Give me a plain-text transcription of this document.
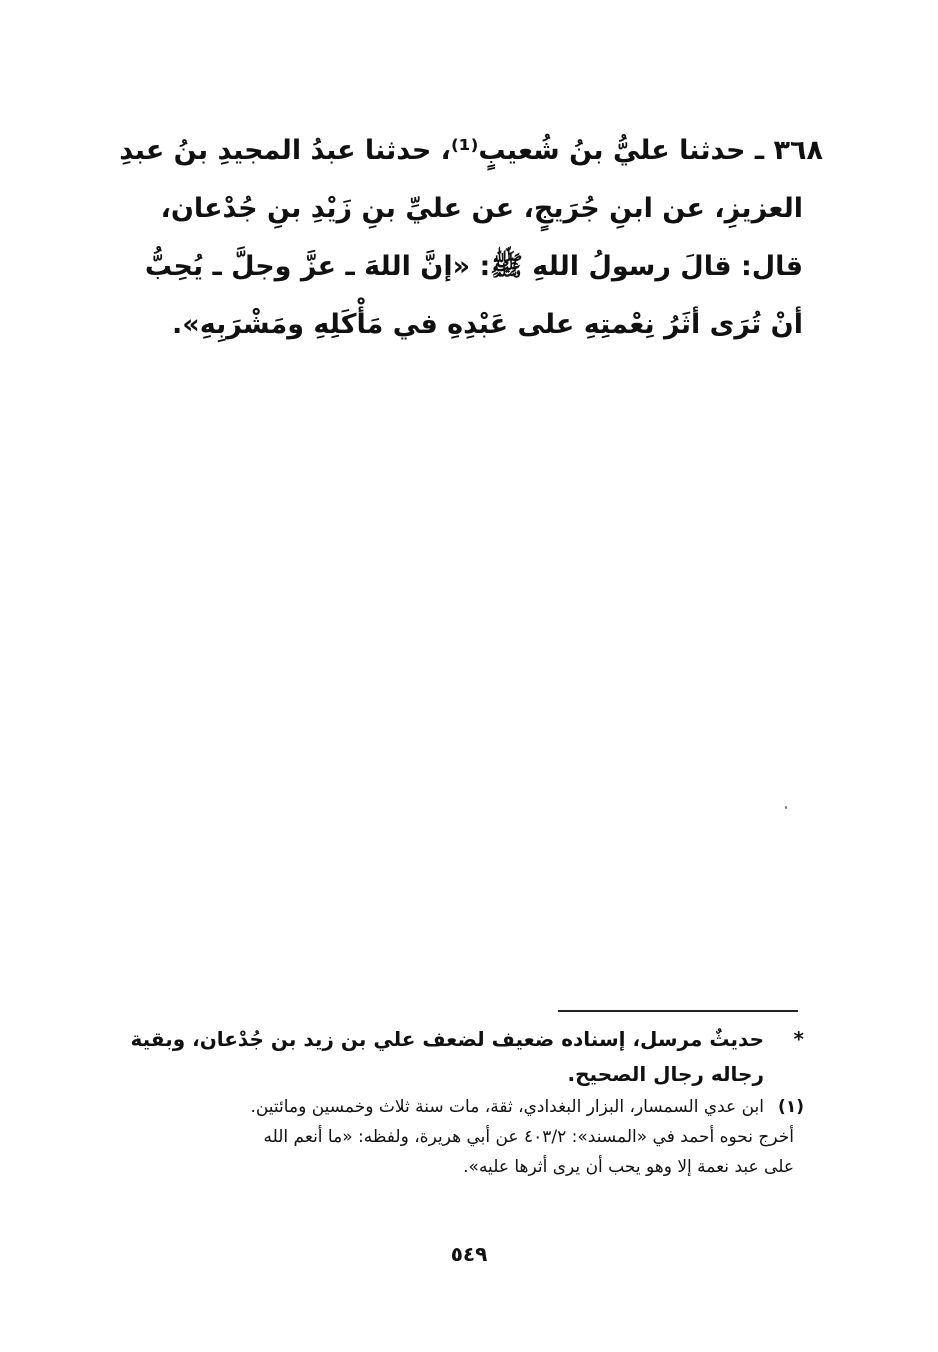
٣٦٨ ـ حدثنا عليُّ بنُ شُعيبٍ⁽¹⁾، حدثنا عبدُ المجيدِ بنُ عبدِ

العزيزِ، عن ابنِ جُرَيجٍ، عن عليِّ بنِ زَيْدِ بنِ جُدْعان،

قال: قالَ رسولُ اللهِ ﷺ: «إنَّ اللهَ ـ عزَّ وجلَّ ـ يُحِبُّ

أنْ تُرَى أثَرُ نِعْمتِهِ على عَبْدِهِ في مَأْكَلِهِ ومَشْرَبِهِ».

*حديثٌ مرسل، إسناده ضعيف لضعف علي بن زيد بن جُدْعان، وبقية

رجاله رجال الصحيح.

(١)ابن عدي السمسار، البزار البغدادي، ثقة، مات سنة ثلاث وخمسين ومائتين.

أخرج نحوه أحمد في «المسند»: ٤٠٣/٢ عن أبي هريرة، ولفظه: «ما أنعم الله

على عبد نعمة إلا وهو يحب أن يرى أثرها عليه».

٥٤٩
